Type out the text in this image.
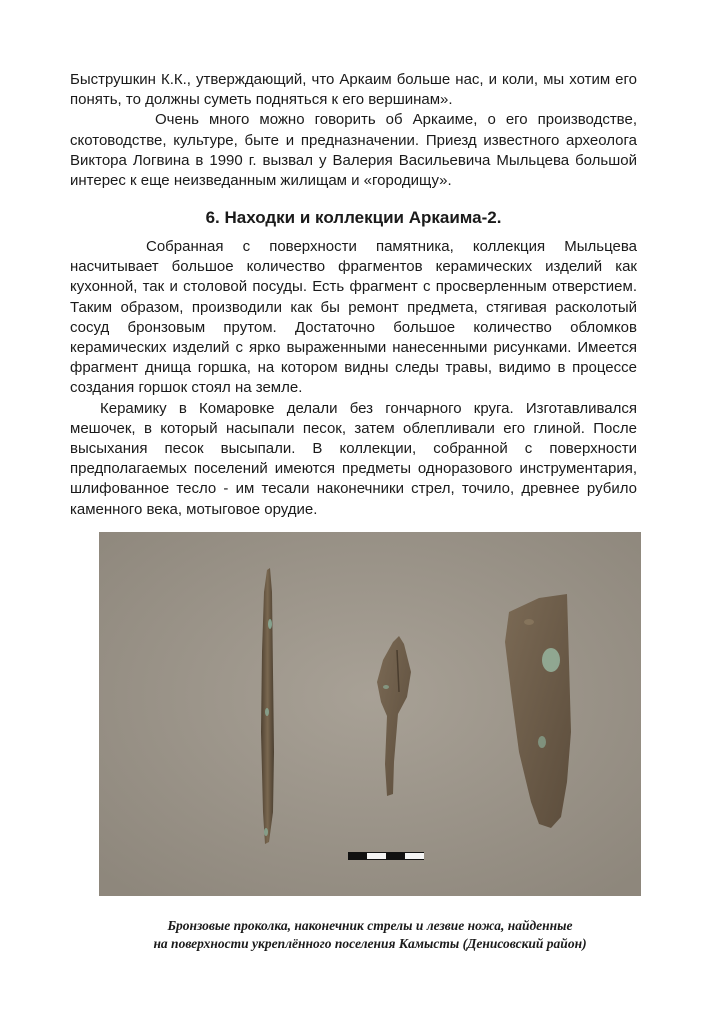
Быструшкин К.К., утверждающий, что Аркаим больше нас, и коли, мы хотим его понять, то должны суметь подняться к его вершинам».

Очень много можно говорить об Аркаиме, о его производстве, скотоводстве, культуре, быте и предназначении. Приезд известного археолога Виктора Логвина в 1990 г. вызвал у Валерия Васильевича Мыльцева большой интерес к еще неизведанным жилищам и «городищу».

6. Находки и коллекции Аркаима-2.

Собранная с поверхности памятника, коллекция Мыльцева насчитывает большое количество фрагментов керамических изделий как кухонной, так и столовой посуды. Есть фрагмент с просверленным отверстием. Таким образом, производили как бы ремонт предмета, стягивая расколотый сосуд бронзовым прутом. Достаточно большое количество обломков керамических изделий с ярко выраженными нанесенными рисунками. Имеется фрагмент днища горшка, на котором видны следы травы, видимо в процессе создания горшок стоял на земле.

Керамику в Комаровке делали без гончарного круга. Изготавливался мешочек, в который насыпали песок, затем облепливали его глиной. После высыхания песок высыпали. В коллекции, собранной с поверхности предполагаемых поселений имеются предметы одноразового инструментария, шлифованное тесло - им тесали наконечники стрел, точило, древнее рубило каменного века, мотыговое орудие.

Бронзовые проколка, наконечник стрелы и лезвие ножа, найденные
на поверхности укреплённого поселения Камысты (Денисовский район)
